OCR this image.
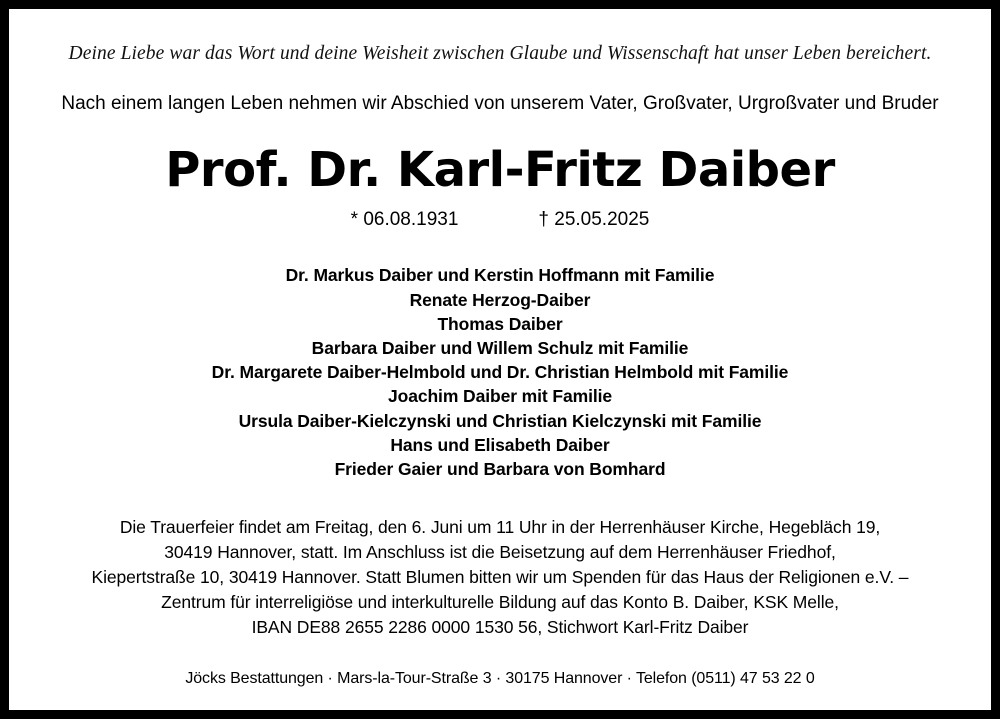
Deine Liebe war das Wort und deine Weisheit zwischen Glaube und Wissenschaft hat unser Leben bereichert.
Nach einem langen Leben nehmen wir Abschied von unserem Vater, Großvater, Urgroßvater und Bruder
Prof. Dr. Karl-Fritz Daiber
* 06.08.1931	† 25.05.2025
Dr. Markus Daiber und Kerstin Hoffmann mit Familie
Renate Herzog-Daiber
Thomas Daiber
Barbara Daiber und Willem Schulz mit Familie
Dr. Margarete Daiber-Helmbold und Dr. Christian Helmbold mit Familie
Joachim Daiber mit Familie
Ursula Daiber-Kielczynski und Christian Kielczynski mit Familie
Hans und Elisabeth Daiber
Frieder Gaier und Barbara von Bomhard

Die Trauerfeier findet am Freitag, den 6. Juni um 11 Uhr in der Herrenhäuser Kirche, Hegebläch 19,

30419 Hannover, statt. Im Anschluss ist die Beisetzung auf dem Herrenhäuser Friedhof,

Kiepertstraße 10, 30419 Hannover. Statt Blumen bitten wir um Spenden für das Haus der Religionen e.V. –

Zentrum für interreligiöse und interkulturelle Bildung auf das Konto B. Daiber, KSK Melle,

IBAN DE88 2655 2286 0000 1530 56, Stichwort Karl-Fritz Daiber

Jöcks Bestattungen · Mars-la-Tour-Straße 3 · 30175 Hannover · Telefon (0511) 47 53 22 0
